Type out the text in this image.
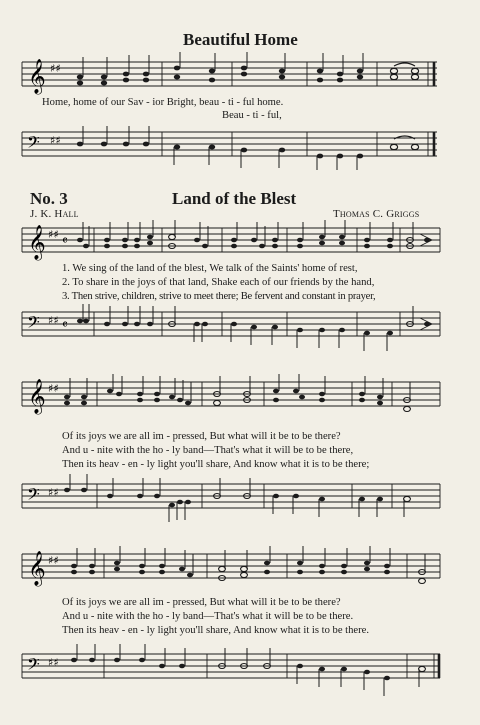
Beautiful Home
𝄞 ♯♯
Home, home of our Sav - ior Bright, beau - ti - ful home.
Beau - ti - ful,
𝄢 ♯♯
No. 3	Land of the Blest
J. K. Hall	Thomas C. Griggs
𝄞 ♯♯ 𝄴
1. We sing of the land of the blest, We talk of the Saints' home of rest,
2. To share in the joys of that land, Shake each of our friends by the hand,
3. Then strive, children, strive to meet there; Be fervent and constant in prayer,
𝄢 ♯♯ 𝄴
𝄞 ♯♯
Of its joys we are all im - pressed, But what will it be to be there?
And u - nite with the ho - ly band—That's what it will be to be there,
Then its heav - en - ly light you'll share, And know what it is to be there;
𝄢 ♯♯
𝄞 ♯♯
Of its joys we are all im - pressed, But what will it be to be there?
And u - nite with the ho - ly band—That's what it will be to be there.
Then its heav - en - ly light you'll share, And know what it is to be there.
𝄢 ♯♯
